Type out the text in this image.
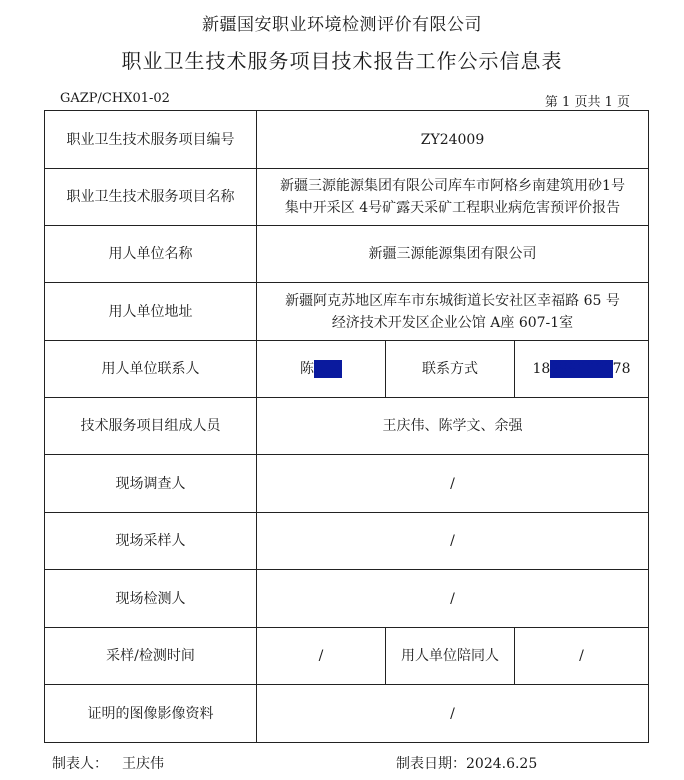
新疆国安职业环境检测评价有限公司
职业卫生技术服务项目技术报告工作公示信息表
GAZP/CHX01-02	第 1 页共 1 页
职业卫生技术服务项目编号	ZY24009		
职业卫生技术服务项目名称	新疆三源能源集团有限公司库车市阿格乡南建筑用砂1号
集中开采区 4号矿露天采矿工程职业病危害预评价报告		

用人单位名称	新疆三源能源集团有限公司		
用人单位地址	新疆阿克苏地区库车市东城街道长安社区幸福路 65 号
经济技术开发区企业公馆 A座 607-1室		

用人单位联系人	陈某某	联系方式	18999000078
技术服务项目组成人员	王庆伟、陈学文、余强		
现场调查人	/		
现场采样人	/		
现场检测人	/		
采样/检测时间	/	用人单位陪同人	/
证明的图像影像资料	/		
制表人： 王庆伟	制表日期：2024.6.25
